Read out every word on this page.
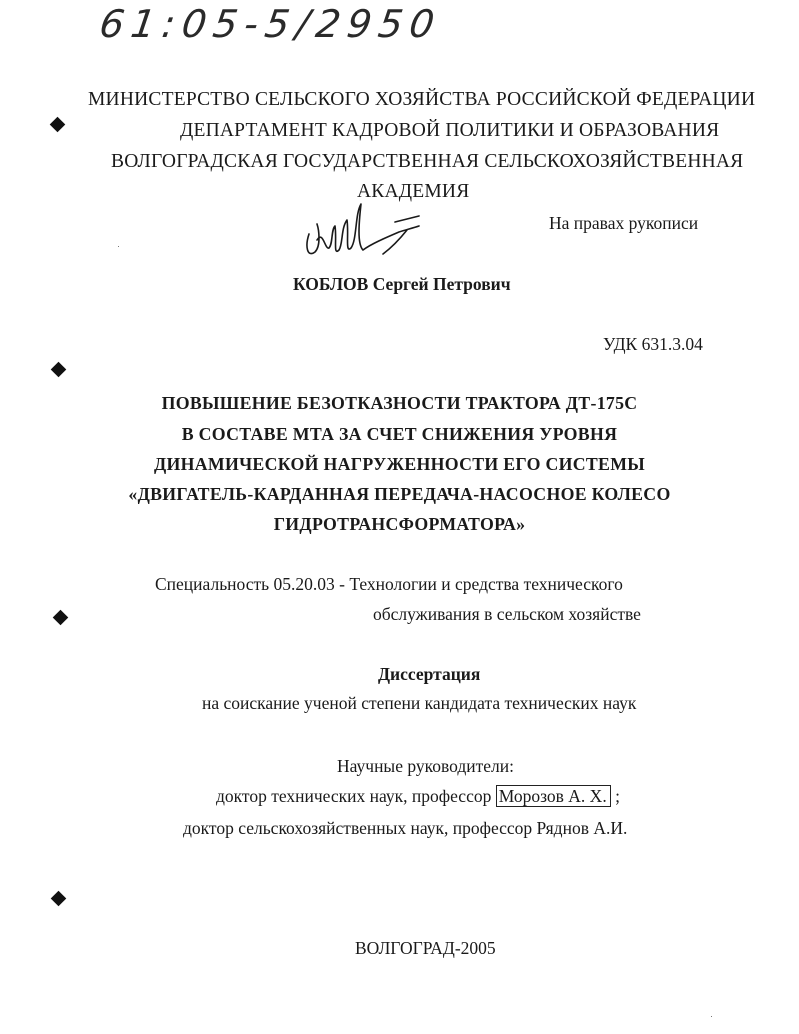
61:05-5/2950
МИНИСТЕРСТВО СЕЛЬСКОГО ХОЗЯЙСТВА РОССИЙСКОЙ ФЕДЕРАЦИИ
ДЕПАРТАМЕНТ КАДРОВОЙ ПОЛИТИКИ И ОБРАЗОВАНИЯ
ВОЛГОГРАДСКАЯ ГОСУДАРСТВЕННАЯ СЕЛЬСКОХОЗЯЙСТВЕННАЯ
АКАДЕМИЯ
На правах рукописи
КОБЛОВ Сергей Петрович
УДК 631.3.04
ПОВЫШЕНИЕ БЕЗОТКАЗНОСТИ ТРАКТОРА ДТ-175С
В СОСТАВЕ МТА ЗА СЧЕТ СНИЖЕНИЯ УРОВНЯ
ДИНАМИЧЕСКОЙ НАГРУЖЕННОСТИ ЕГО СИСТЕМЫ
«ДВИГАТЕЛЬ-КАРДАННАЯ ПЕРЕДАЧА-НАСОСНОЕ КОЛЕСО
ГИДРОТРАНСФОРМАТОРА»
Специальность 05.20.03 - Технологии и средства технического
обслуживания в сельском хозяйстве
Диссертация
на соискание ученой степени кандидата технических наук
Научные руководители:
доктор технических наук, профессор Морозов А. Х. ;
доктор сельскохозяйственных наук, профессор Ряднов А.И.
ВОЛГОГРАД-2005
